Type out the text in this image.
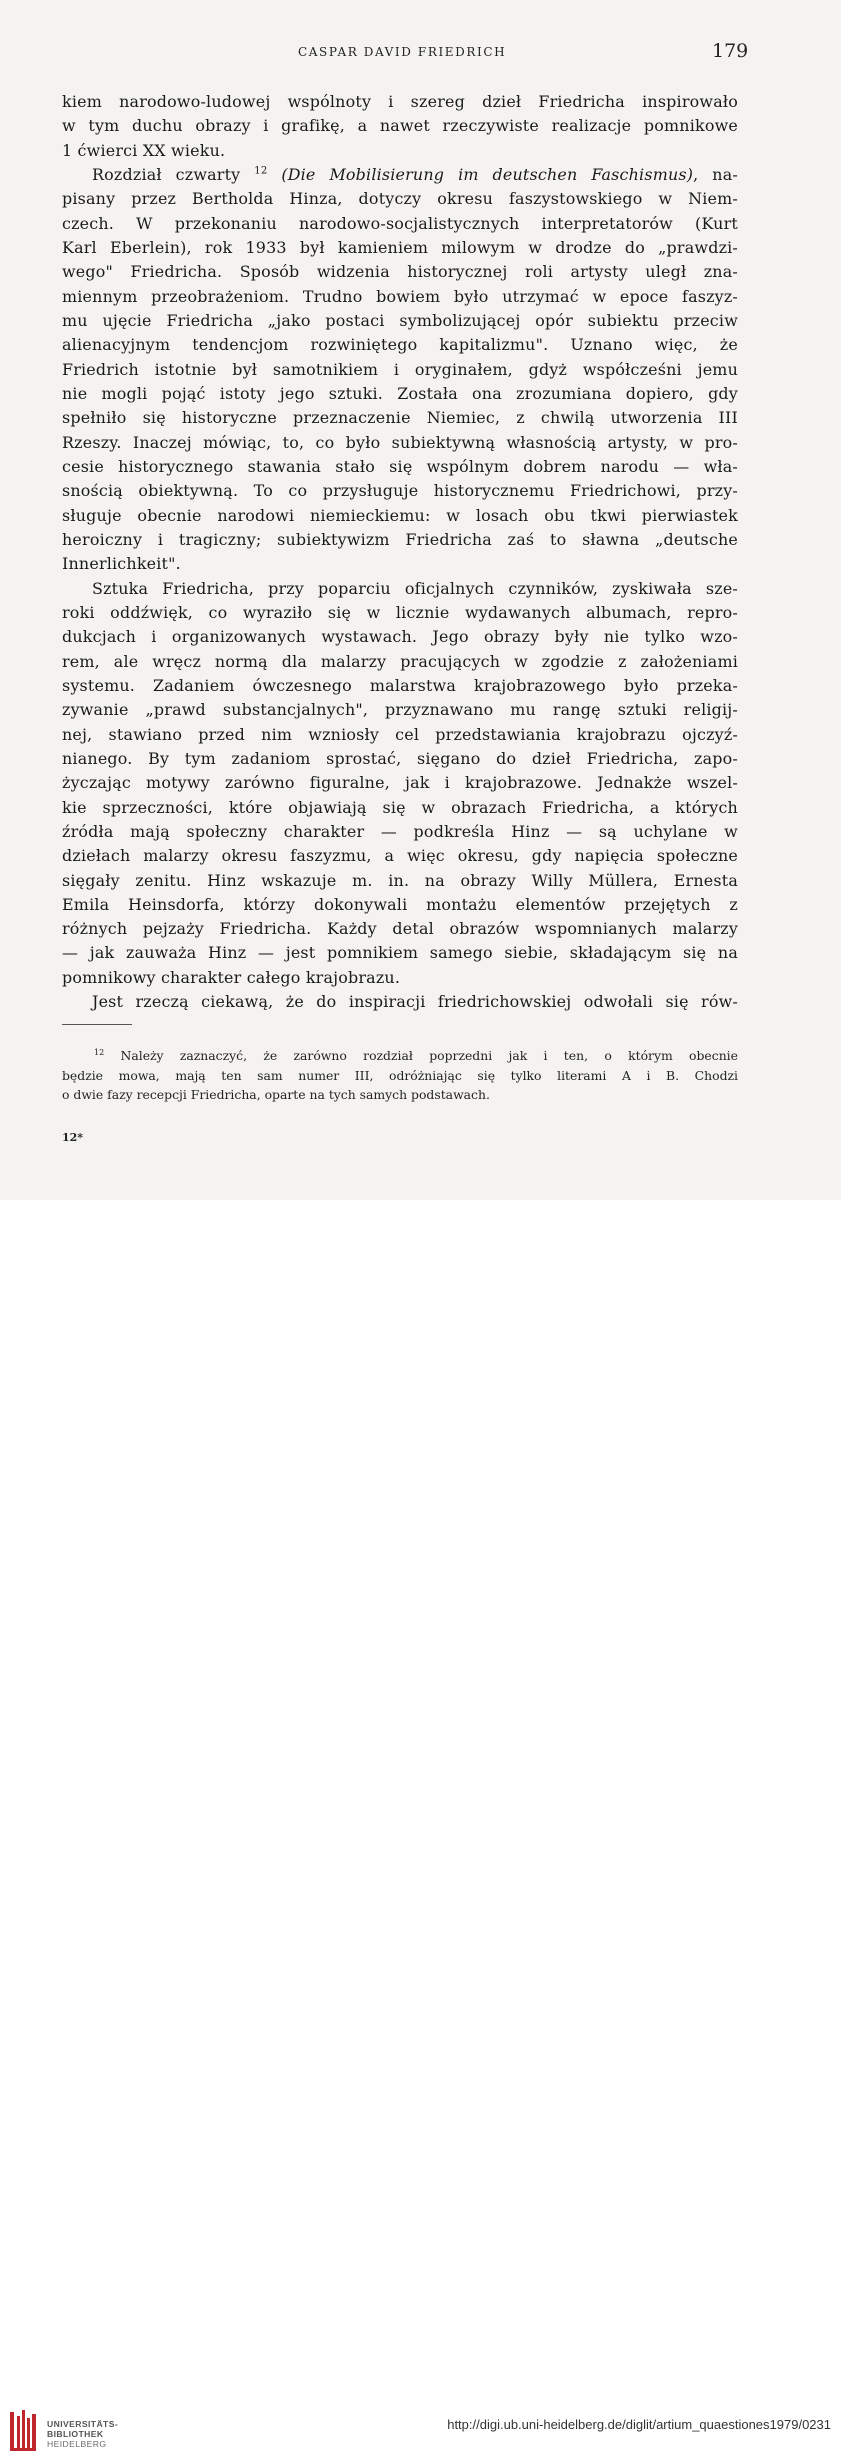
CASPAR DAVID FRIEDRICH	179

kiem narodowo-ludowej wspólnoty i szereg dzieł Friedricha inspirowało
w tym duchu obrazy i grafikę, a nawet rzeczywiste realizacje pomnikowe
1 ćwierci XX wieku.

Rozdział czwarty $^{12}$ (Die Mobilisierung im deutschen Faschismus), na-
pisany przez Bertholda Hinza, dotyczy okresu faszystowskiego w Niem-
czech. W przekonaniu narodowo-socjalistycznych interpretatorów (Kurt
Karl Eberlein), rok 1933 był kamieniem milowym w drodze do „prawdzi-
wego" Friedricha. Sposób widzenia historycznej roli artysty uległ zna-
miennym przeobrażeniom. Trudno bowiem było utrzymać w epoce faszyz-
mu ujęcie Friedricha „jako postaci symbolizującej opór subiektu przeciw
alienacyjnym tendencjom rozwiniętego kapitalizmu". Uznano więc, że
Friedrich istotnie był samotnikiem i oryginałem, gdyż współcześni jemu
nie mogli pojąć istoty jego sztuki. Została ona zrozumiana dopiero, gdy
spełniło się historyczne przeznaczenie Niemiec, z chwilą utworzenia III
Rzeszy. Inaczej mówiąc, to, co było subiektywną własnością artysty, w pro-
cesie historycznego stawania stało się wspólnym dobrem narodu — wła-
snością obiektywną. To co przysługuje historycznemu Friedrichowi, przy-
sługuje obecnie narodowi niemieckiemu: w losach obu tkwi pierwiastek
heroiczny i tragiczny; subiektywizm Friedricha zaś to sławna „deutsche
Innerlichkeit".

Sztuka Friedricha, przy poparciu oficjalnych czynników, zyskiwała sze-
roki oddźwięk, co wyraziło się w licznie wydawanych albumach, repro-
dukcjach i organizowanych wystawach. Jego obrazy były nie tylko wzo-
rem, ale wręcz normą dla malarzy pracujących w zgodzie z założeniami
systemu. Zadaniem ówczesnego malarstwa krajobrazowego było przeka-
zywanie „prawd substancjalnych", przyznawano mu rangę sztuki religij-
nej, stawiano przed nim wzniosły cel przedstawiania krajobrazu ojczyź-
nianego. By tym zadaniom sprostać, sięgano do dzieł Friedricha, zapo-
życzając motywy zarówno figuralne, jak i krajobrazowe. Jednakże wszel-
kie sprzeczności, które objawiają się w obrazach Friedricha, a których
źródła mają społeczny charakter — podkreśla Hinz — są uchylane w
dziełach malarzy okresu faszyzmu, a więc okresu, gdy napięcia społeczne
sięgały zenitu. Hinz wskazuje m. in. na obrazy Willy Müllera, Ernesta
Emila Heinsdorfa, którzy dokonywali montażu elementów przejętych z
różnych pejzaży Friedricha. Każdy detal obrazów wspomnianych malarzy
— jak zauważa Hinz — jest pomnikiem samego siebie, składającym się na
pomnikowy charakter całego krajobrazu.

Jest rzeczą ciekawą, że do inspiracji friedrichowskiej odwołali się rów-

$^{12}$ Należy zaznaczyć, że zarówno rozdział poprzedni jak i ten, o którym obecnie
będzie mowa, mają ten sam numer III, odróżniając się tylko literami A i B. Chodzi
o dwie fazy recepcji Friedricha, oparte na tych samych podstawach.
12*
UNIVERSITÄTS-
BIBLIOTHEK
HEIDELBERG
http://digi.ub.uni-heidelberg.de/diglit/artium_quaestiones1979/0231
